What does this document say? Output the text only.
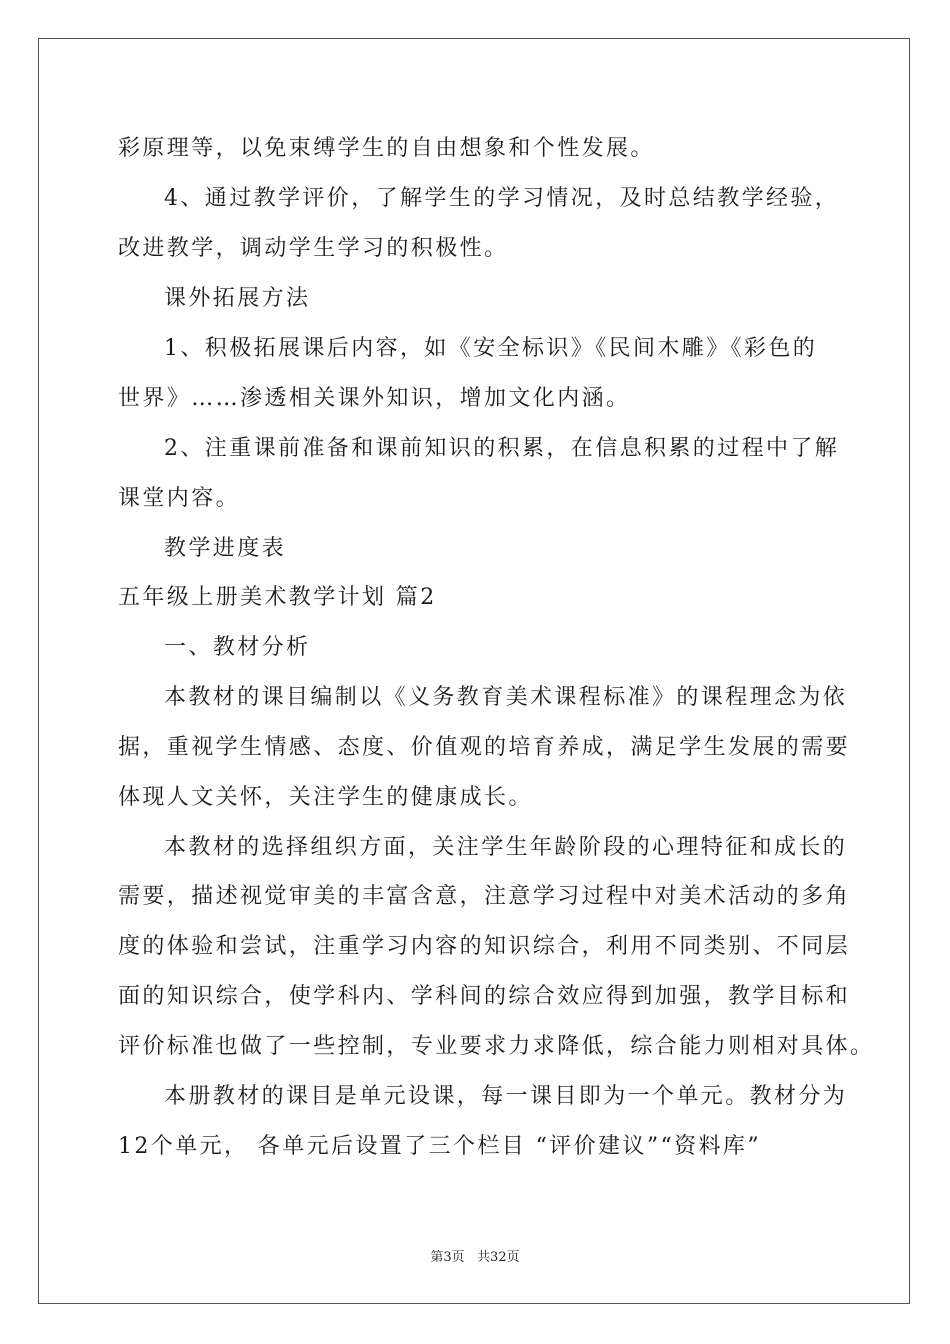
彩原理等，以免束缚学生的自由想象和个性发展。
4、通过教学评价，了解学生的学习情况，及时总结教学经验，
改进教学，调动学生学习的积极性。
课外拓展方法
1、积极拓展课后内容，如《安全标识》《民间木雕》《彩色的
世界》……渗透相关课外知识，增加文化内涵。
2、注重课前准备和课前知识的积累，在信息积累的过程中了解
课堂内容。
教学进度表
五年级上册美术教学计划 篇2
一、教材分析
本教材的课目编制以《义务教育美术课程标准》的课程理念为依
据，重视学生情感、态度、价值观的培育养成，满足学生发展的需要
体现人文关怀，关注学生的健康成长。
本教材的选择组织方面，关注学生年龄阶段的心理特征和成长的
需要，描述视觉审美的丰富含意，注意学习过程中对美术活动的多角
度的体验和尝试，注重学习内容的知识综合，利用不同类别、不同层
面的知识综合，使学科内、学科间的综合效应得到加强，教学目标和
评价标准也做了一些控制，专业要求力求降低，综合能力则相对具体。
本册教材的课目是单元设课，每一课目即为一个单元。教材分为
12个单元， 各单元后设置了三个栏目 “评价建议”“资料库”
第3页   共32页
